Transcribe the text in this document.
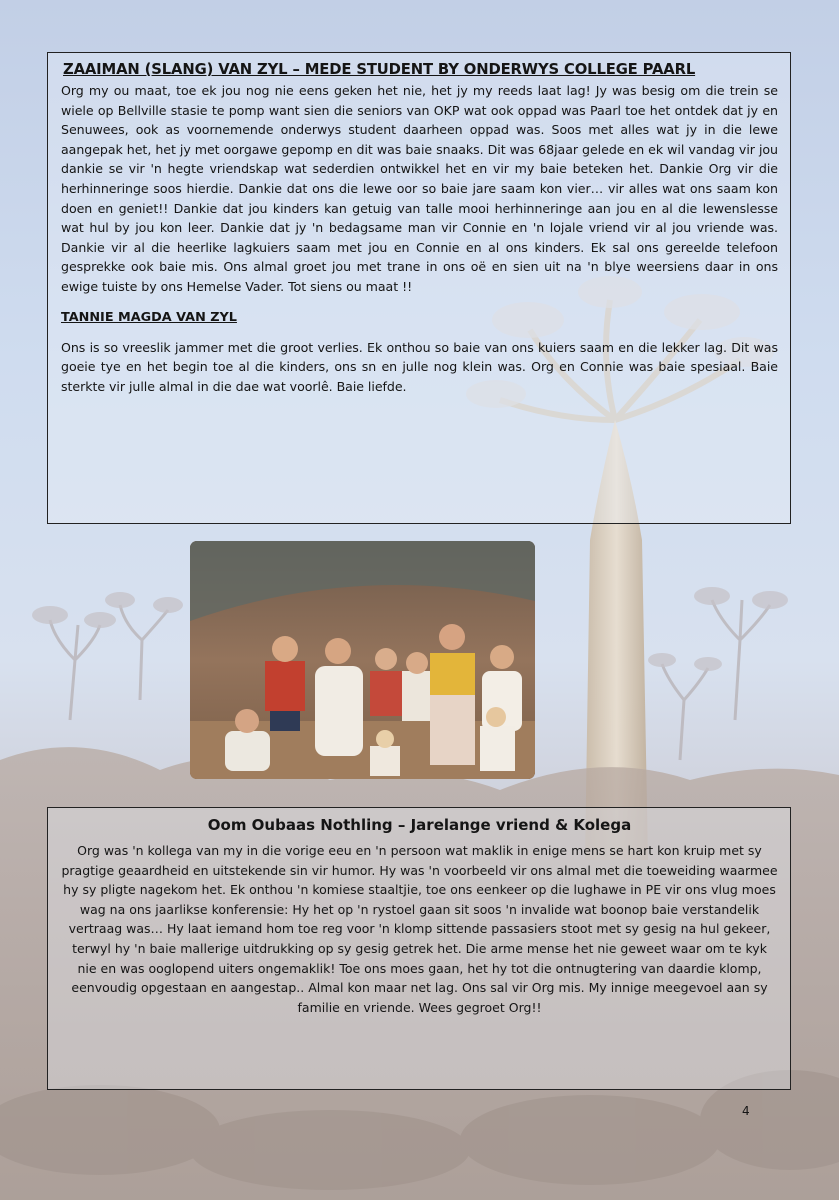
ZAAIMAN (SLANG) VAN ZYL – MEDE STUDENT BY ONDERWYS COLLEGE PAARL

Org my ou maat, toe ek jou nog nie eens geken het nie, het jy my reeds laat lag! Jy was besig om die trein se wiele op Bellville stasie te pomp want sien die seniors van OKP wat ook oppad was Paarl toe het ontdek dat jy en Senuwees, ook as voornemende onderwys student daarheen oppad was. Soos met alles wat jy in die lewe aangepak het, het jy met oorgawe gepomp en dit was baie snaaks. Dit was 68jaar gelede en ek wil vandag vir jou dankie se vir 'n hegte vriendskap wat sederdien ontwikkel het en vir my baie beteken het. Dankie Org vir die herhinneringe soos hierdie. Dankie dat ons die lewe oor so baie jare saam kon vier… vir alles wat ons saam kon doen en geniet!! Dankie dat jou kinders kan getuig van talle mooi herhinneringe aan jou en al die lewenslesse wat hul by jou kon leer. Dankie dat jy 'n bedagsame man vir Connie en 'n lojale vriend vir al jou vriende was. Dankie vir al die heerlike lagkuiers saam met jou en Connie en al ons kinders. Ek sal ons gereelde telefoon gesprekke ook baie mis. Ons almal groet jou met trane in ons oë en sien uit na 'n blye weersiens daar in ons ewige tuiste by ons Hemelse Vader. Tot siens ou maat !!

TANNIE MAGDA VAN ZYL

Ons is so vreeslik jammer met die groot verlies. Ek onthou so baie van ons kuiers saam en die lekker lag. Dit was goeie tye en het begin toe al die kinders, ons sn en julle nog klein was. Org en Connie was baie spesiaal. Baie sterkte vir julle almal in die dae wat voorlê. Baie liefde.

Oom Oubaas Nothling – Jarelange vriend & Kolega

Org was 'n kollega van my in die vorige eeu en 'n persoon wat maklik in enige mens se hart kon kruip met sy pragtige geaardheid en uitstekende sin vir humor. Hy was 'n voorbeeld vir ons almal met die toeweiding waarmee hy sy pligte nagekom het. Ek onthou 'n komiese staaltjie, toe ons eenkeer op die lughawe in PE vir ons vlug moes wag na ons jaarlikse konferensie: Hy het op 'n rystoel gaan sit soos 'n invalide wat boonop baie verstandelik vertraag was… Hy laat iemand hom toe reg voor 'n klomp sittende passasiers stoot met sy gesig na hul gekeer, terwyl hy 'n baie mallerige uitdrukking op sy gesig getrek het. Die arme mense het nie geweet waar om te kyk nie en was ooglopend uiters ongemaklik! Toe ons moes gaan, het hy tot die ontnugtering van daardie klomp, eenvoudig opgestaan en aangestap.. Almal kon maar net lag. Ons sal vir Org mis. My innige meegevoel aan sy familie en vriende. Wees gegroet Org!!

4
